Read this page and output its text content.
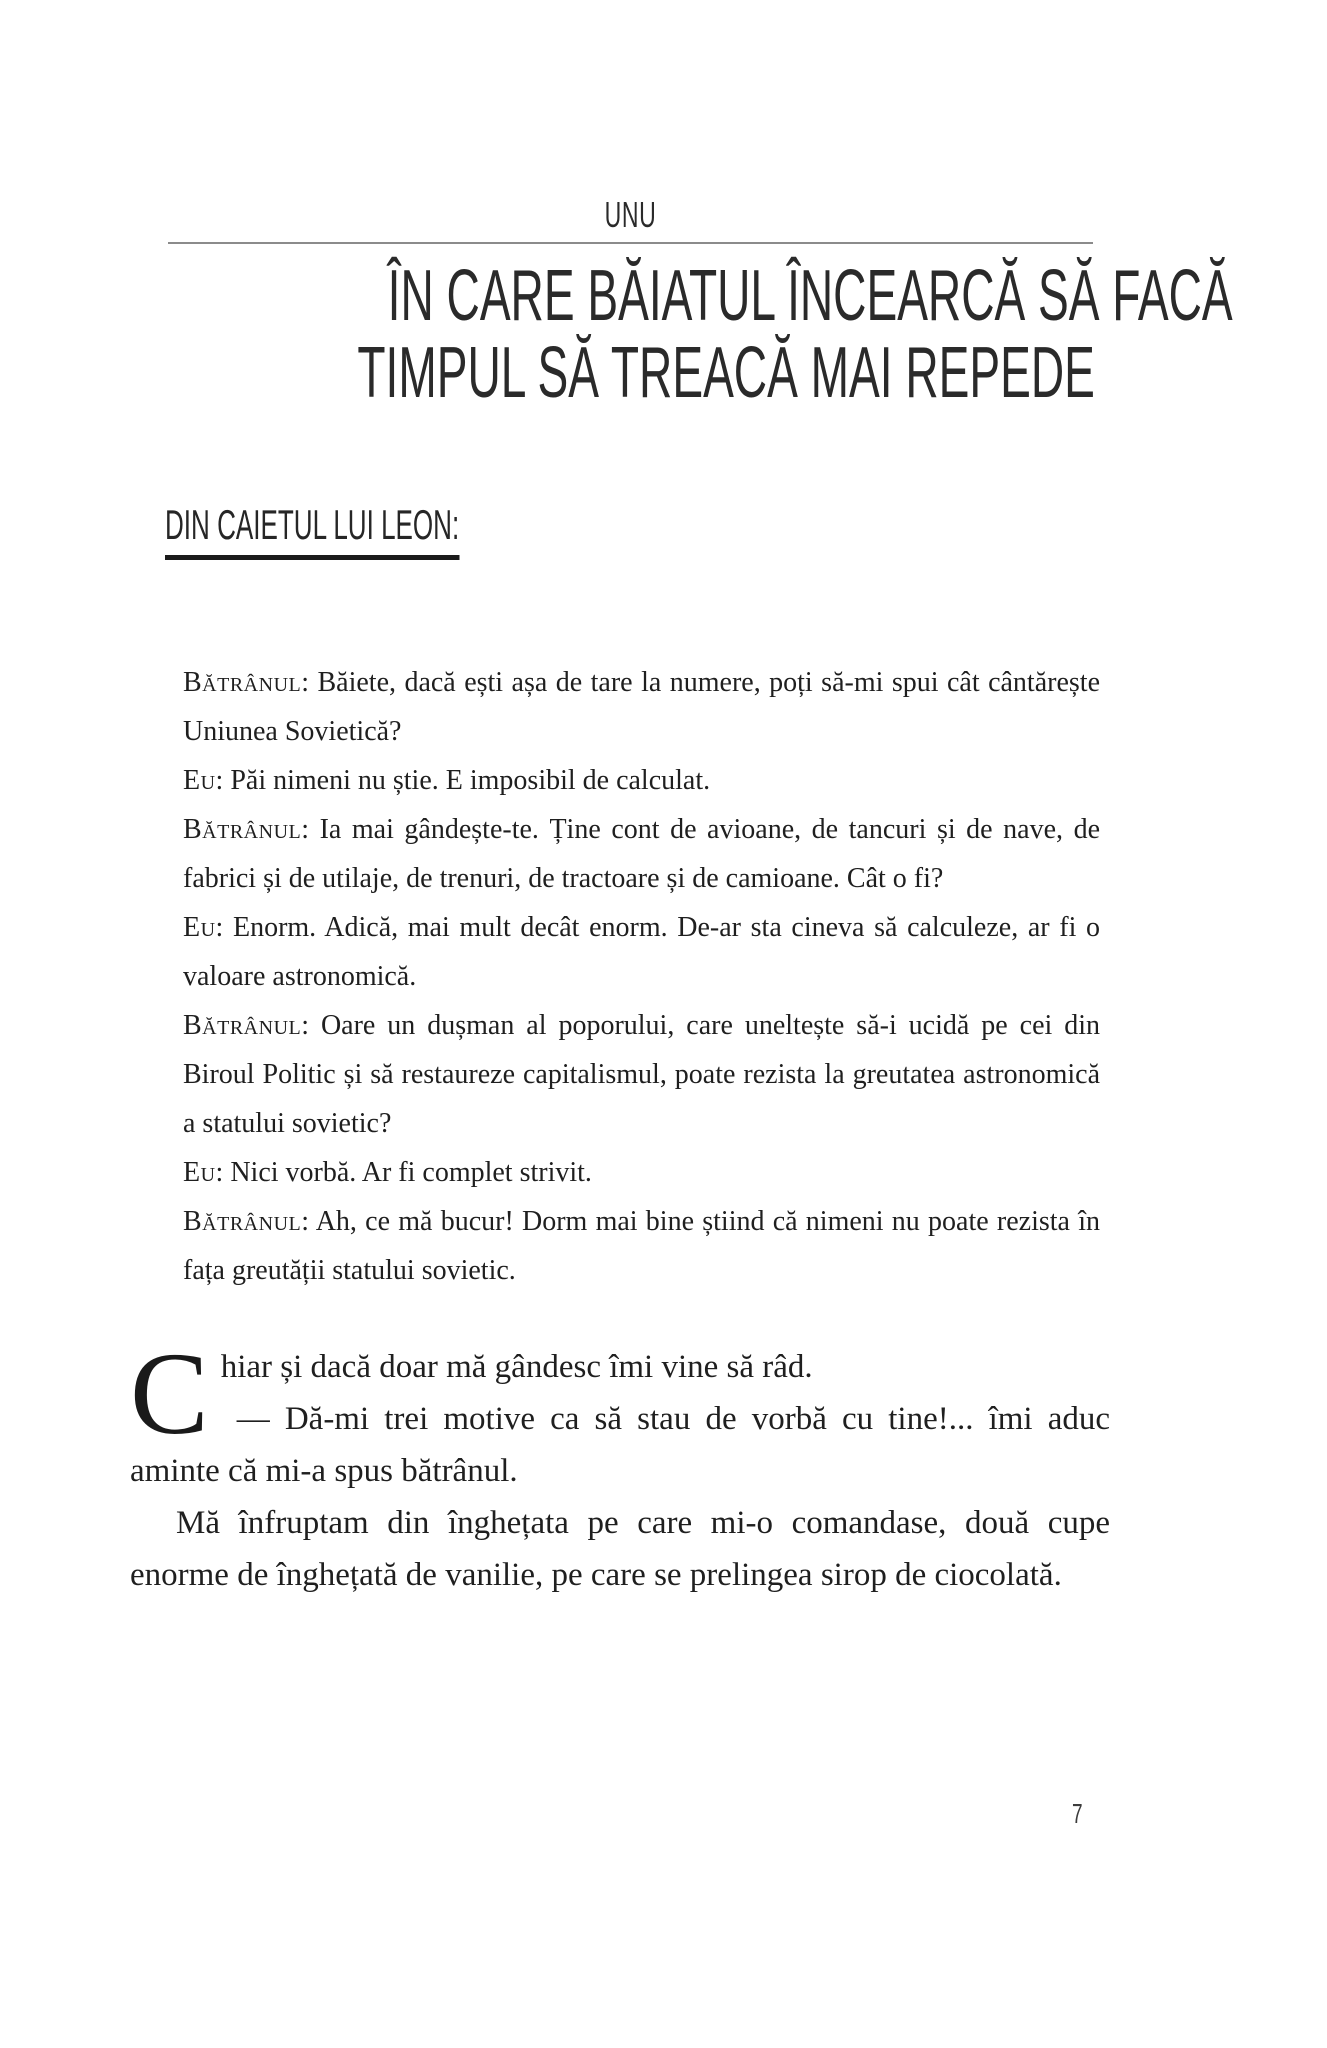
UNU
ÎN CARE BĂIATUL ÎNCEARCĂ SĂ FACĂ
TIMPUL SĂ TREACĂ MAI REPEDE
DIN CAIETUL LUI LEON:

Bătrânul: Băiete, dacă ești așa de tare la numere, poți să-mi spui cât cântărește Uniunea Sovietică?

Eu: Păi nimeni nu știe. E imposibil de calculat.

Bătrânul: Ia mai gândește-te. Ține cont de avioane, de tancuri și de nave, de fabrici și de utilaje, de trenuri, de tractoare și de camioane. Cât o fi?

Eu: Enorm. Adică, mai mult decât enorm. De-ar sta cineva să calculeze, ar fi o valoare astronomică.

Bătrânul: Oare un dușman al poporului, care uneltește să-i ucidă pe cei din Biroul Politic și să restaureze capitalismul, poate rezista la greutatea astronomică a statului sovietic?

Eu: Nici vorbă. Ar fi complet strivit.

Bătrânul: Ah, ce mă bucur! Dorm mai bine știind că nimeni nu poate rezista în fața greutății statului sovietic.

Chiar și dacă doar mă gândesc îmi vine să râd.

— Dă-mi trei motive ca să stau de vorbă cu tine!... îmi aduc aminte că mi-a spus bătrânul.

Mă înfruptam din înghețata pe care mi-o comandase, două cupe enorme de înghețată de vanilie, pe care se prelingea sirop de ciocolată.

7
